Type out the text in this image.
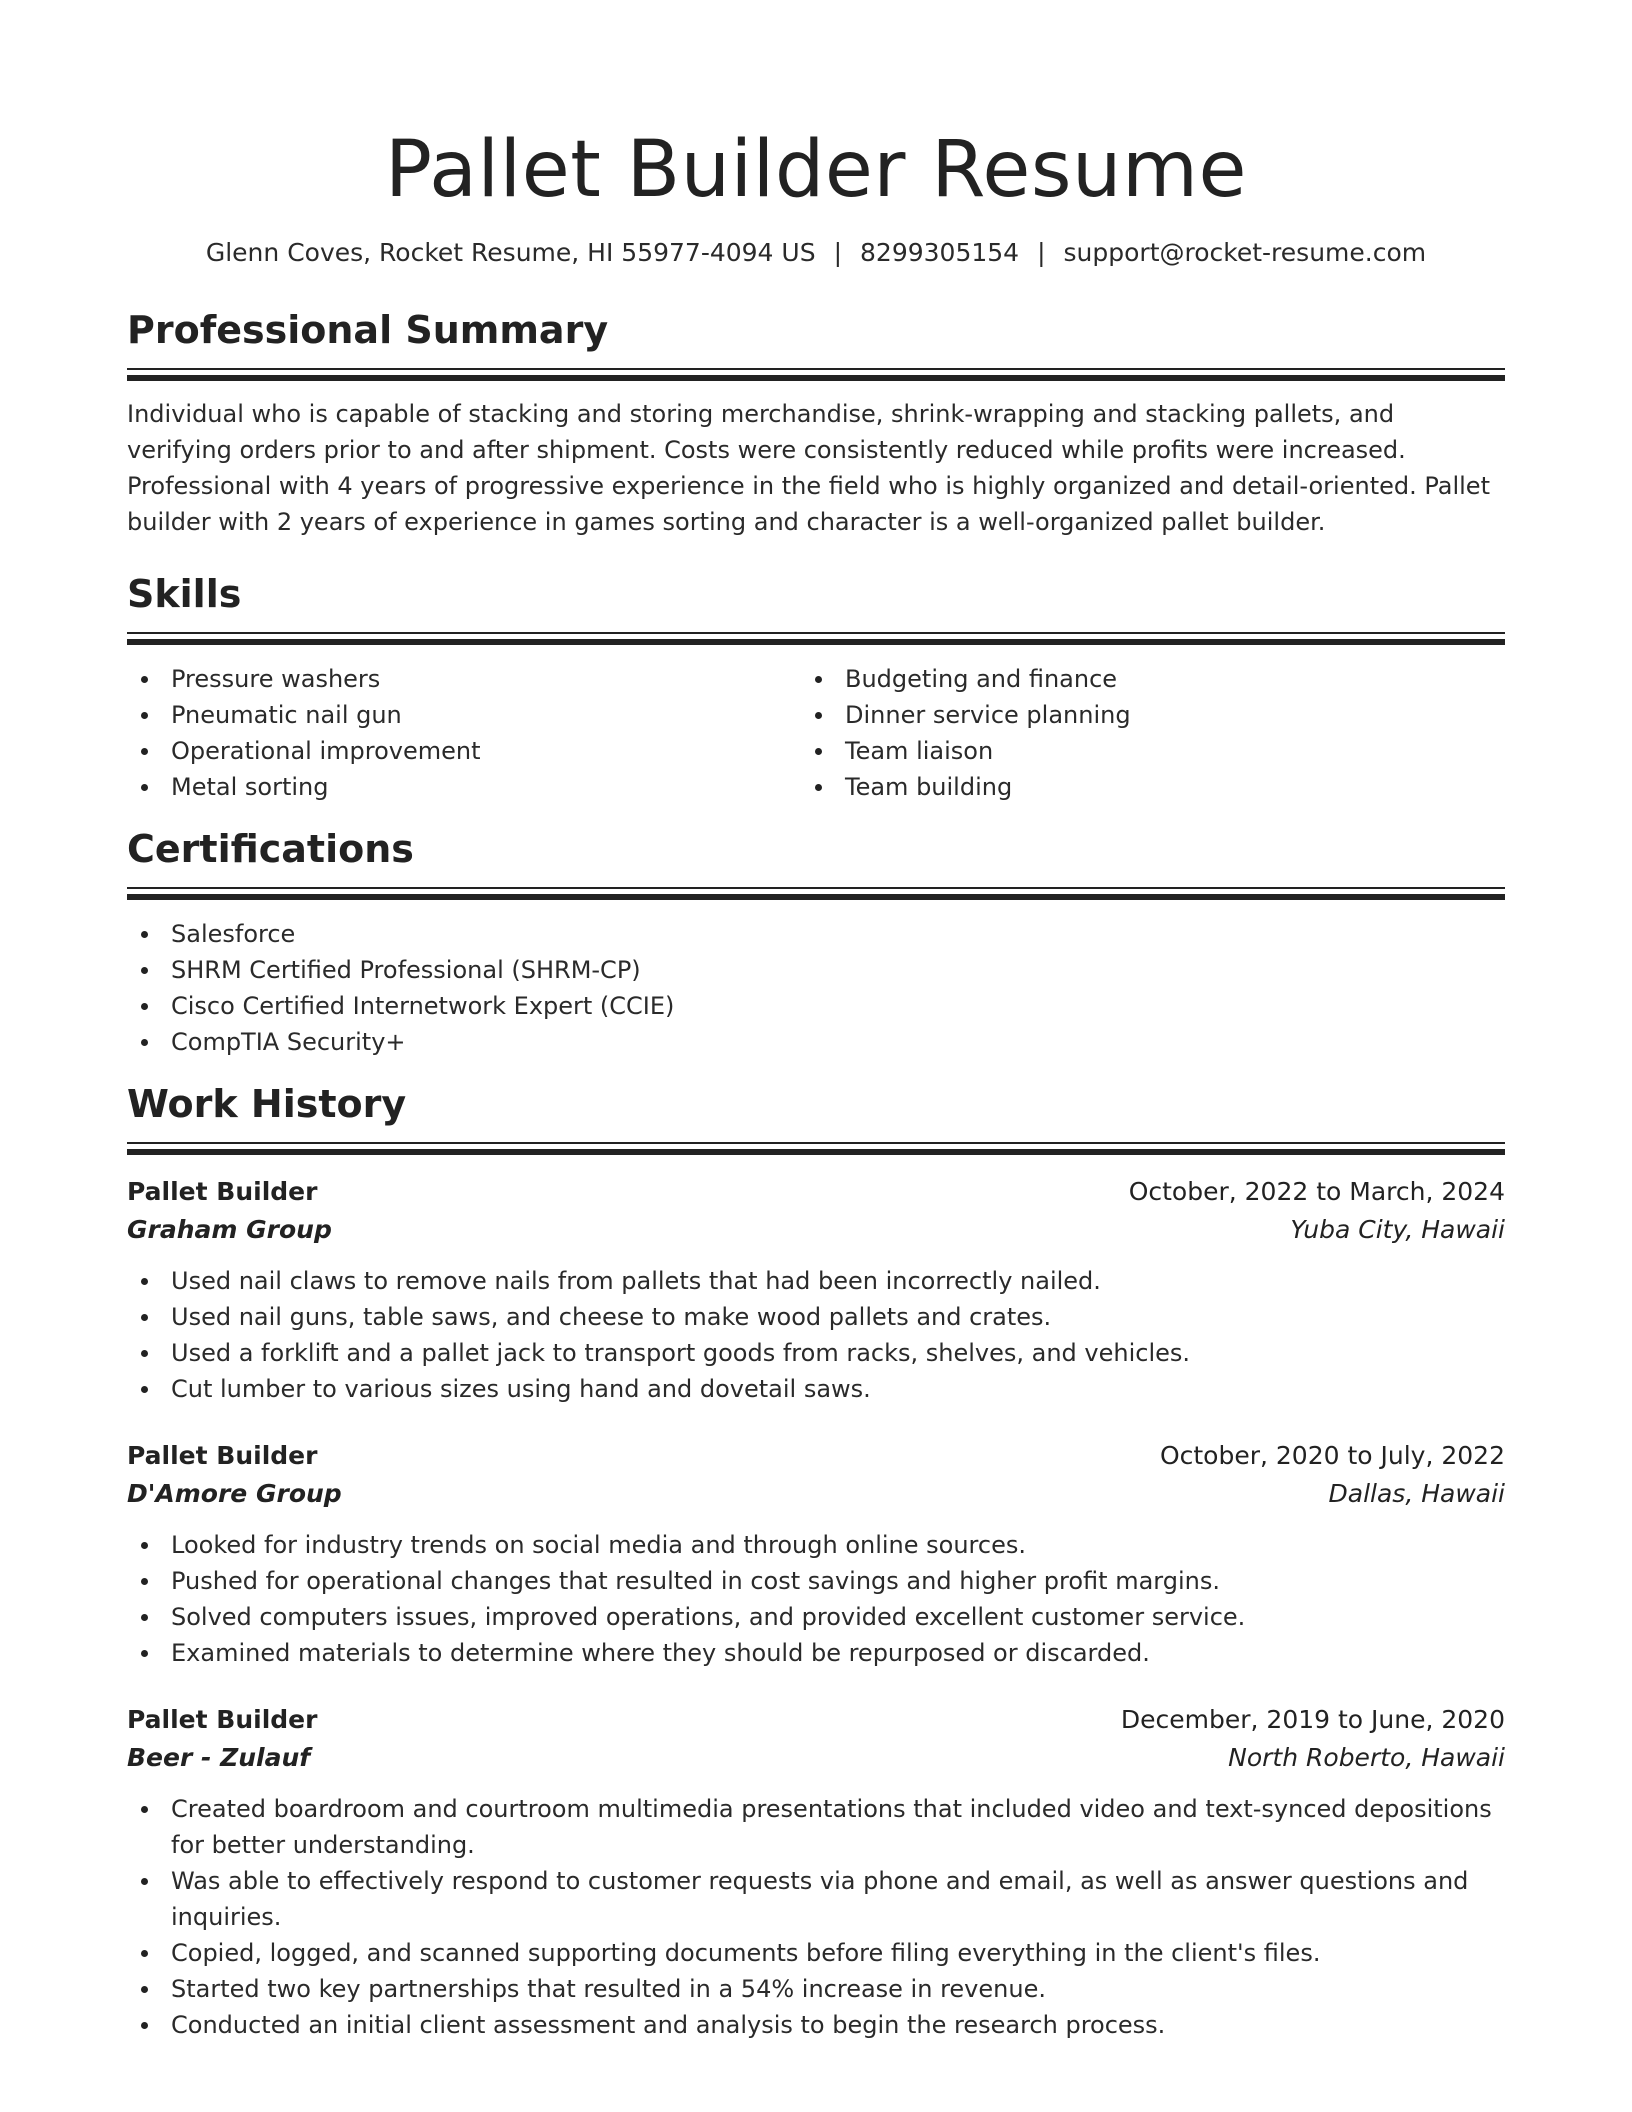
Pallet Builder Resume
Glenn Coves, Rocket Resume, HI 55977-4094 US | 8299305154 | support@rocket-resume.com
Professional Summary

Individual who is capable of stacking and storing merchandise, shrink-wrapping and stacking pallets, and verifying orders prior to and after shipment. Costs were consistently reduced while profits were increased. Professional with 4 years of progressive experience in the field who is highly organized and detail-oriented. Pallet builder with 2 years of experience in games sorting and character is a well-organized pallet builder.

Skills
Pressure washers
Pneumatic nail gun
Operational improvement
Metal sorting
Budgeting and finance
Dinner service planning
Team liaison
Team building
Certifications
Salesforce
SHRM Certified Professional (SHRM-CP)
Cisco Certified Internetwork Expert (CCIE)
CompTIA Security+
Work History
Pallet Builder	October, 2022 to March, 2024
Graham Group	Yuba City, Hawaii
Used nail claws to remove nails from pallets that had been incorrectly nailed.
Used nail guns, table saws, and cheese to make wood pallets and crates.
Used a forklift and a pallet jack to transport goods from racks, shelves, and vehicles.
Cut lumber to various sizes using hand and dovetail saws.
Pallet Builder	October, 2020 to July, 2022
D'Amore Group	Dallas, Hawaii
Looked for industry trends on social media and through online sources.
Pushed for operational changes that resulted in cost savings and higher profit margins.
Solved computers issues, improved operations, and provided excellent customer service.
Examined materials to determine where they should be repurposed or discarded.
Pallet Builder	December, 2019 to June, 2020
Beer - Zulauf	North Roberto, Hawaii
Created boardroom and courtroom multimedia presentations that included video and text-synced depositions for better understanding.
Was able to effectively respond to customer requests via phone and email, as well as answer questions and inquiries.
Copied, logged, and scanned supporting documents before filing everything in the client's files.
Started two key partnerships that resulted in a 54% increase in revenue.
Conducted an initial client assessment and analysis to begin the research process.
